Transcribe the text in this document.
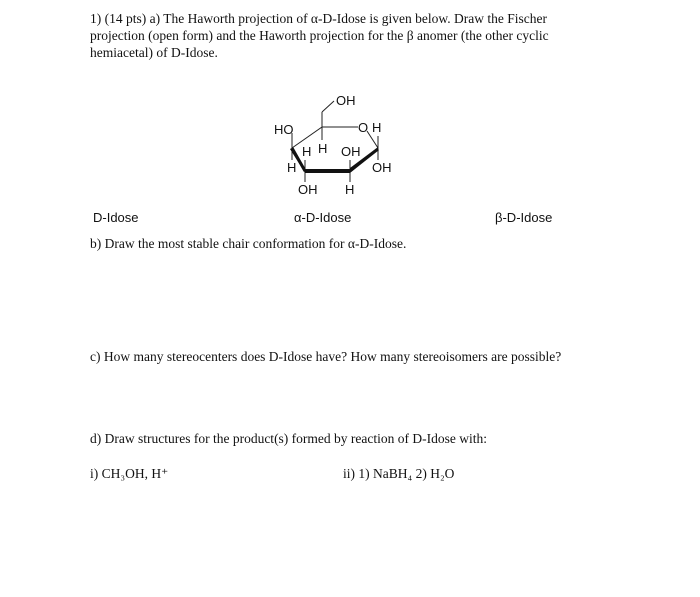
1) (14 pts) a) The Haworth projection of α-D-Idose is given below. Draw the Fischer projection (open form) and the Haworth projection for the β anomer (the other cyclic hemiacetal) of D-Idose.
OH
HO	O H
H
H
H
OH
OH
OH H
D-Idose	α-D-Idose	β-D-Idose
b) Draw the most stable chair conformation for α-D-Idose.
c) How many stereocenters does D-Idose have? How many stereoisomers are possible?
d) Draw structures for the product(s) formed by reaction of D-Idose with:
i) CH₃OH, H⁺	ii) 1) NaBH₄ 2) H₂O
